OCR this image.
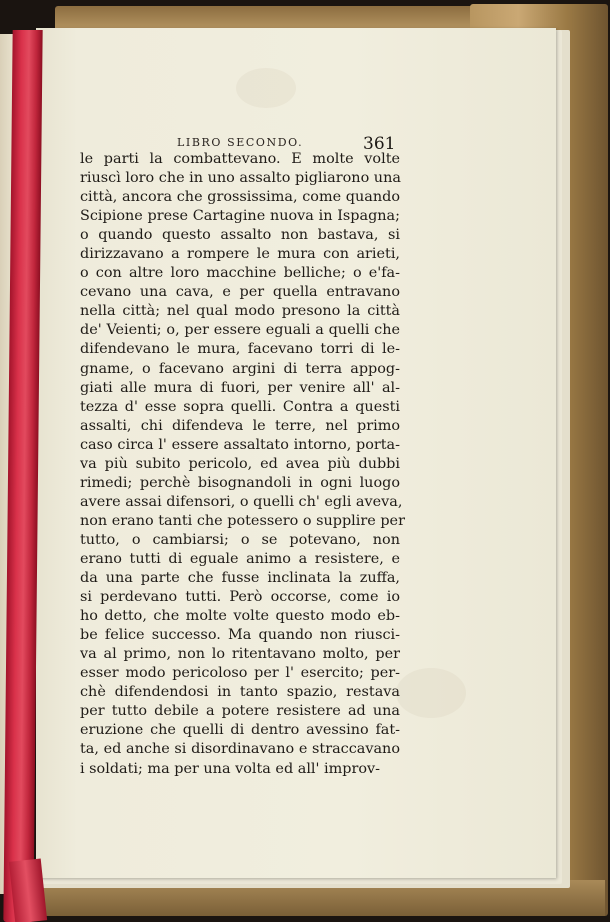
LIBRO SECONDO.	361
le parti la combattevano. E molte volte
riuscì loro che in uno assalto pigliarono una
città, ancora che grossissima, come quando
Scipione prese Cartagine nuova in Ispagna;
o quando questo assalto non bastava, si
dirizzavano a rompere le mura con arieti,
o con altre loro macchine belliche; o e'fa-
cevano una cava, e per quella entravano
nella città; nel qual modo presono la città
de' Veienti; o, per essere eguali a quelli che
difendevano le mura, facevano torri di le-
gname, o facevano argini di terra appog-
giati alle mura di fuori, per venire all' al-
tezza d' esse sopra quelli. Contra a questi
assalti, chi difendeva le terre, nel primo
caso circa l' essere assaltato intorno, porta-
va più subito pericolo, ed avea più dubbi
rimedi; perchè bisognandoli in ogni luogo
avere assai difensori, o quelli ch' egli aveva,
non erano tanti che potessero o supplire per
tutto, o cambiarsi; o se potevano, non
erano tutti di eguale animo a resistere, e
da una parte che fusse inclinata la zuffa,
si perdevano tutti. Però occorse, come io
ho detto, che molte volte questo modo eb-
be felice successo. Ma quando non riusci-
va al primo, non lo ritentavano molto, per
esser modo pericoloso per l' esercito; per-
chè difendendosi in tanto spazio, restava
per tutto debile a potere resistere ad una
eruzione che quelli di dentro avessino fat-
ta, ed anche si disordinavano e straccavano
i soldati; ma per una volta ed all' improv-
